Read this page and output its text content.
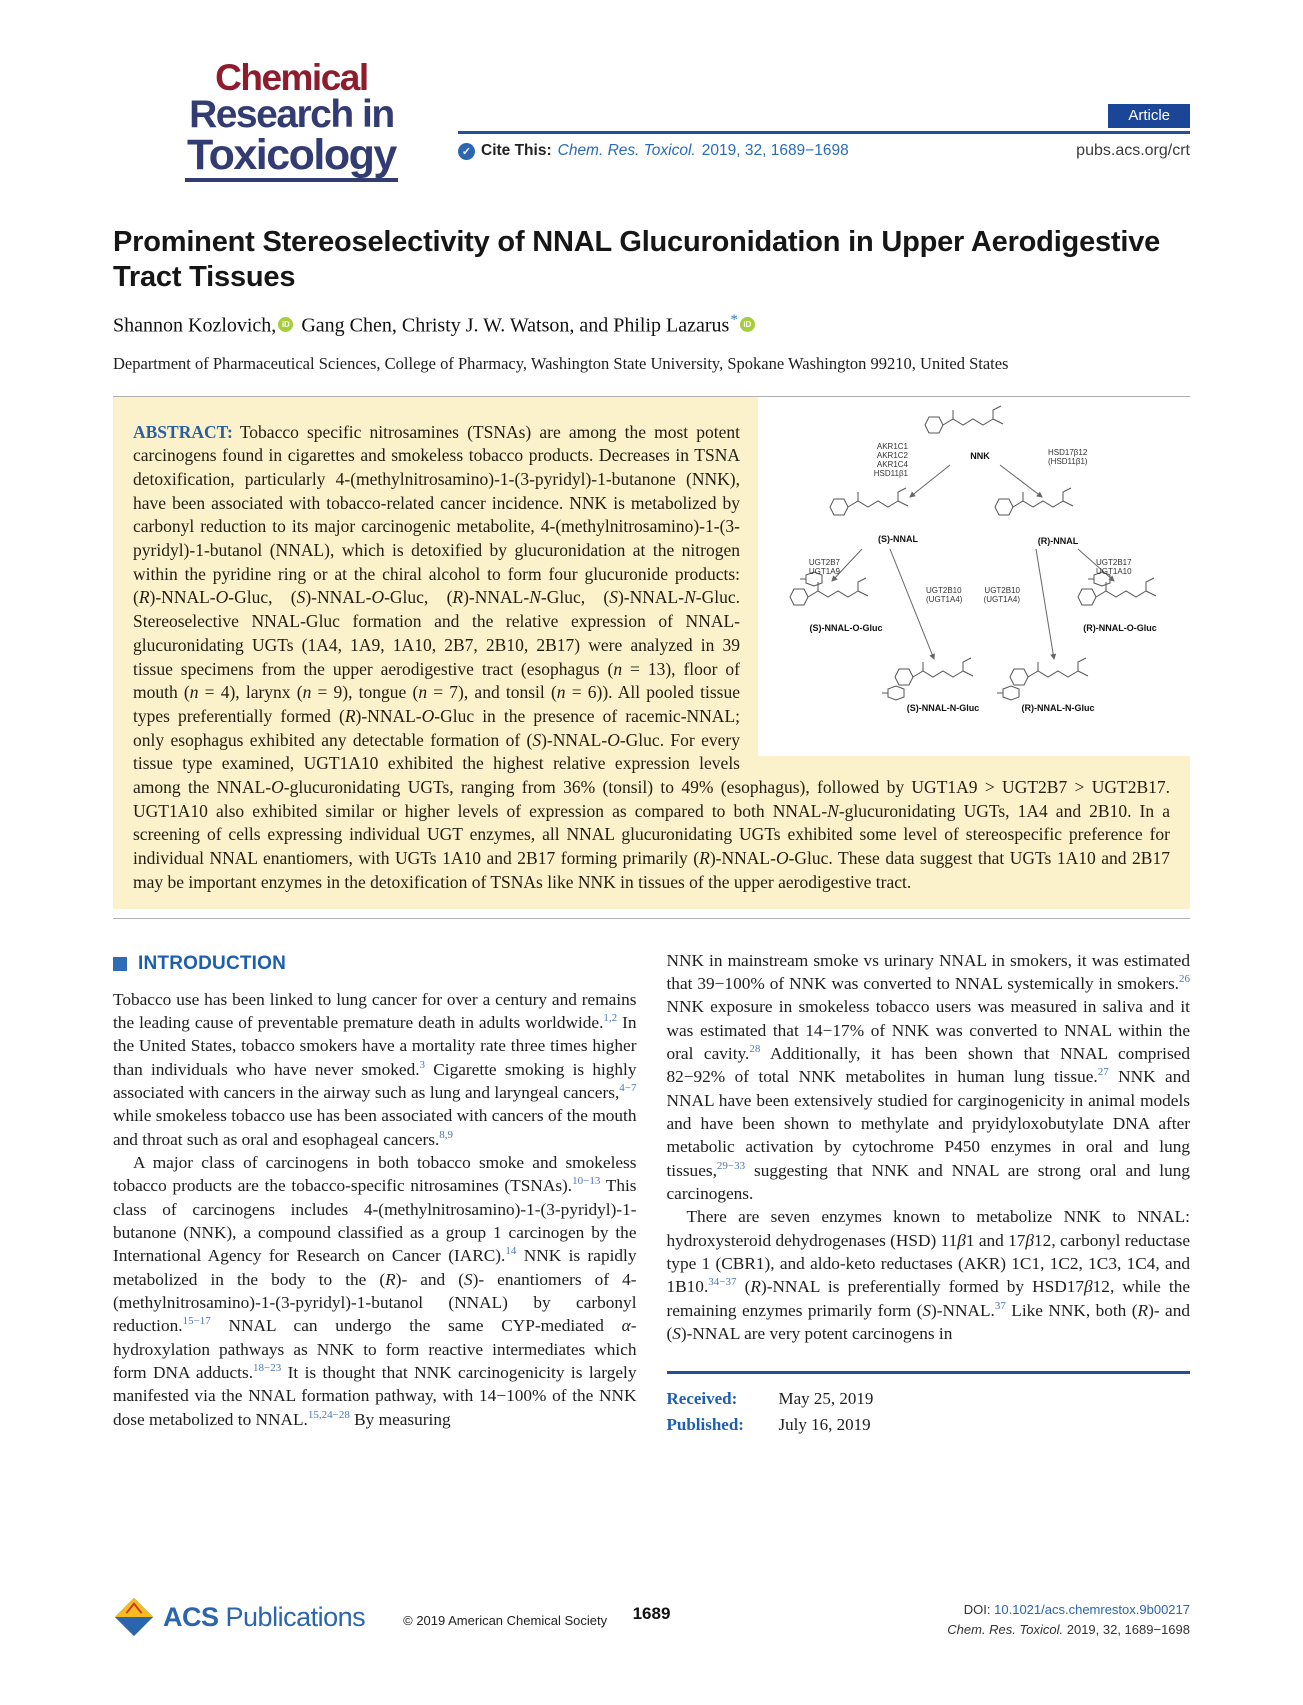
Chemical
Research in
Toxicology
Article
✓ Cite This: Chem. Res. Toxicol. 2019, 32, 1689−1698	pubs.acs.org/crt
Prominent Stereoselectivity of NNAL Glucuronidation in Upper Aerodigestive Tract Tissues
Shannon Kozlovich, iD Gang Chen, Christy J. W. Watson, and Philip Lazarus* iD
Department of Pharmaceutical Sciences, College of Pharmacy, Washington State University, Spokane Washington 99210, United States
NNK
(S)-NNAL	(R)-NNAL
(S)-NNAL-O-Gluc
(S)-NNAL-N-Gluc	(R)-NNAL-N-Gluc
(R)-NNAL-O-Gluc
AKR1C1 AKR1C2 AKR1C4 HSD11β1
HSD17β12 (HSD11β1)
UGT2B7 UGT1A9
UGT2B10 (UGT1A4)
UGT2B10 (UGT1A4)
UGT2B17 UGT1A10

ABSTRACT: Tobacco specific nitrosamines (TSNAs) are among the most potent carcinogens found in cigarettes and smokeless tobacco products. Decreases in TSNA detoxification, particularly 4-(methylnitrosamino)-1-(3-pyridyl)-1-butanone (NNK), have been associated with tobacco-related cancer incidence. NNK is metabolized by carbonyl reduction to its major carcinogenic metabolite, 4-(methylnitrosamino)-1-(3-pyridyl)-1-butanol (NNAL), which is detoxified by glucuronidation at the nitrogen within the pyridine ring or at the chiral alcohol to form four glucuronide products: (R)-NNAL-O-Gluc, (S)-NNAL-O-Gluc, (R)-NNAL-N-Gluc, (S)-NNAL-N-Gluc. Stereoselective NNAL-Gluc formation and the relative expression of NNAL-glucuronidating UGTs (1A4, 1A9, 1A10, 2B7, 2B10, 2B17) were analyzed in 39 tissue specimens from the upper aerodigestive tract (esophagus (n = 13), floor of mouth (n = 4), larynx (n = 9), tongue (n = 7), and tonsil (n = 6)). All pooled tissue types preferentially formed (R)-NNAL-O-Gluc in the presence of racemic-NNAL; only esophagus exhibited any detectable formation of (S)-NNAL-O-Gluc. For every tissue type examined, UGT1A10 exhibited the highest relative expression levels among the NNAL-O-glucuronidating UGTs, ranging from 36% (tonsil) to 49% (esophagus), followed by UGT1A9 > UGT2B7 > UGT2B17. UGT1A10 also exhibited similar or higher levels of expression as compared to both NNAL-N-glucuronidating UGTs, 1A4 and 2B10. In a screening of cells expressing individual UGT enzymes, all NNAL glucuronidating UGTs exhibited some level of stereospecific preference for individual NNAL enantiomers, with UGTs 1A10 and 2B17 forming primarily (R)-NNAL-O-Gluc. These data suggest that UGTs 1A10 and 2B17 may be important enzymes in the detoxification of TSNAs like NNK in tissues of the upper aerodigestive tract.

INTRODUCTION

Tobacco use has been linked to lung cancer for over a century and remains the leading cause of preventable premature death in adults worldwide.$^{1,2}$ In the United States, tobacco smokers have a mortality rate three times higher than individuals who have never smoked.$^3$ Cigarette smoking is highly associated with cancers in the airway such as lung and laryngeal cancers,$^{4-7}$ while smokeless tobacco use has been associated with cancers of the mouth and throat such as oral and esophageal cancers.$^{8,9}$

A major class of carcinogens in both tobacco smoke and smokeless tobacco products are the tobacco-specific nitrosamines (TSNAs).$^{10-13}$ This class of carcinogens includes 4-(methylnitrosamino)-1-(3-pyridyl)-1-butanone (NNK), a compound classified as a group 1 carcinogen by the International Agency for Research on Cancer (IARC).$^{14}$ NNK is rapidly metabolized in the body to the (R)- and (S)- enantiomers of 4-(methylnitrosamino)-1-(3-pyridyl)-1-butanol (NNAL) by carbonyl reduction.$^{15-17}$ NNAL can undergo the same CYP-mediated α-hydroxylation pathways as NNK to form reactive intermediates which form DNA adducts.$^{18-23}$ It is thought that NNK carcinogenicity is largely manifested via the NNAL formation pathway, with 14−100% of the NNK dose metabolized to NNAL.$^{15,24-28}$ By measuring

NNK in mainstream smoke vs urinary NNAL in smokers, it was estimated that 39−100% of NNK was converted to NNAL systemically in smokers.$^{26}$ NNK exposure in smokeless tobacco users was measured in saliva and it was estimated that 14−17% of NNK was converted to NNAL within the oral cavity.$^{28}$ Additionally, it has been shown that NNAL comprised 82−92% of total NNK metabolites in human lung tissue.$^{27}$ NNK and NNAL have been extensively studied for carginogenicity in animal models and have been shown to methylate and pryidyloxobutylate DNA after metabolic activation by cytochrome P450 enzymes in oral and lung tissues,$^{29-33}$ suggesting that NNK and NNAL are strong oral and lung carcinogens.

There are seven enzymes known to metabolize NNK to NNAL: hydroxysteroid dehydrogenases (HSD) 11β1 and 17β12, carbonyl reductase type 1 (CBR1), and aldo-keto reductases (AKR) 1C1, 1C2, 1C3, 1C4, and 1B10.$^{34-37}$ (R)-NNAL is preferentially formed by HSD17β12, while the remaining enzymes primarily form (S)-NNAL.$^{37}$ Like NNK, both (R)- and (S)-NNAL are very potent carcinogens in

Received:	May 25, 2019
Published:	July 16, 2019
ACS Publications	© 2019 American Chemical Society 1689	DOI: 10.1021/acs.chemrestox.9b00217
Chem. Res. Toxicol. 2019, 32, 1689−1698
